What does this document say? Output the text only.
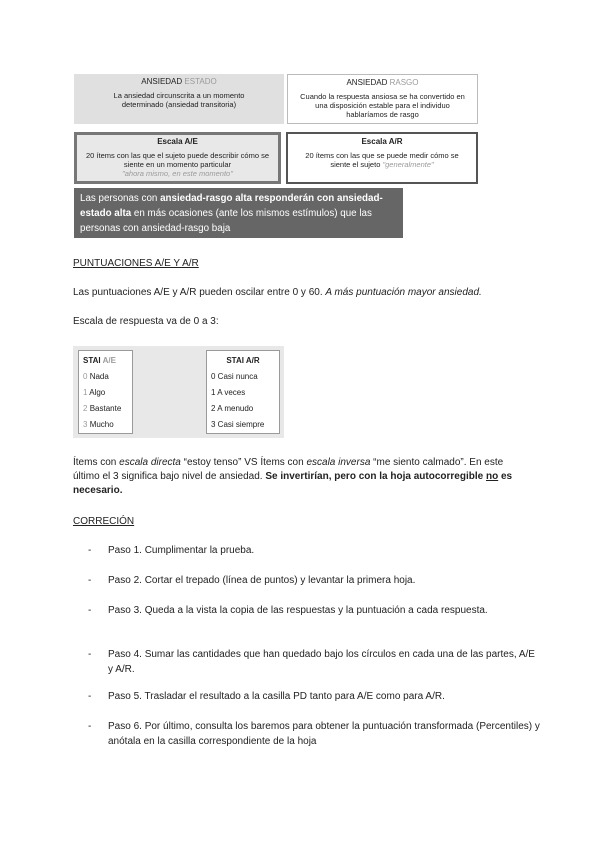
ANSIEDAD ESTADO
La ansiedad circunscrita a un momento determinado (ansiedad transitoria)
ANSIEDAD RASGO
Cuando la respuesta ansiosa se ha convertido en una disposición estable para el individuo hablaríamos de rasgo
Escala A/E
20 ítems con las que el sujeto puede describir cómo se siente en un momento particular
"ahora mismo, en este momento"
Escala A/R
20 ítems con las que se puede medir cómo se siente el sujeto "generalmente"
Las personas con ansiedad-rasgo alta responderán con ansiedad-estado alta en más ocasiones (ante los mismos estímulos) que las personas con ansiedad-rasgo baja
PUNTUACIONES A/E Y A/R
Las puntuaciones A/E y A/R pueden oscilar entre 0 y 60. A más puntuación mayor ansiedad.
Escala de respuesta va de 0 a 3:
STAI A/E
0 Nada
1 Algo
2 Bastante
3 Mucho
STAI A/R
0 Casi nunca
1 A veces
2 A menudo
3 Casi siempre
Ítems con escala directa “estoy tenso” VS Ítems con escala inversa “me siento calmado”. En este último el 3 significa bajo nivel de ansiedad. Se invertirían, pero con la hoja autocorregible no es necesario.
CORRECIÓN
- Paso 1. Cumplimentar la prueba.
- Paso 2. Cortar el trepado (línea de puntos) y levantar la primera hoja.
- Paso 3. Queda a la vista la copia de las respuestas y la puntuación a cada respuesta.
- Paso 4. Sumar las cantidades que han quedado bajo los círculos en cada una de las partes, A/E y A/R.
- Paso 5. Trasladar el resultado a la casilla PD tanto para A/E como para A/R.
- Paso 6. Por último, consulta los baremos para obtener la puntuación transformada (Percentiles) y anótala en la casilla correspondiente de la hoja
